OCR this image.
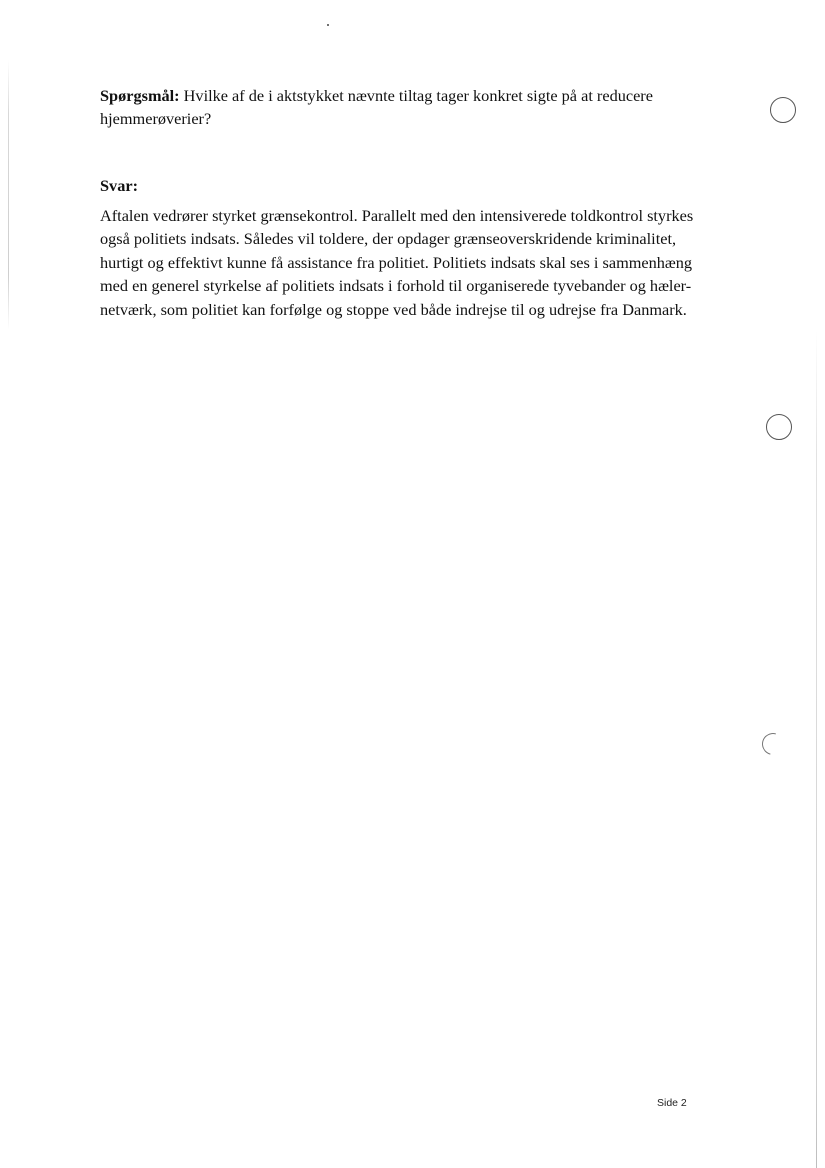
Spørgsmål: Hvilke af de i aktstykket nævnte tiltag tager konkret sigte på at reducere hjemmerøverier?
Svar:
Aftalen vedrører styrket grænsekontrol. Parallelt med den intensiverede toldkontrol styrkes
også politiets indsats. Således vil toldere, der opdager grænseoverskridende kriminalitet,
hurtigt og effektivt kunne få assistance fra politiet. Politiets indsats skal ses i sammenhæng
med en generel styrkelse af politiets indsats i forhold til organiserede tyvebander og hæler-
netværk, som politiet kan forfølge og stoppe ved både indrejse til og udrejse fra Danmark.
Side 2
